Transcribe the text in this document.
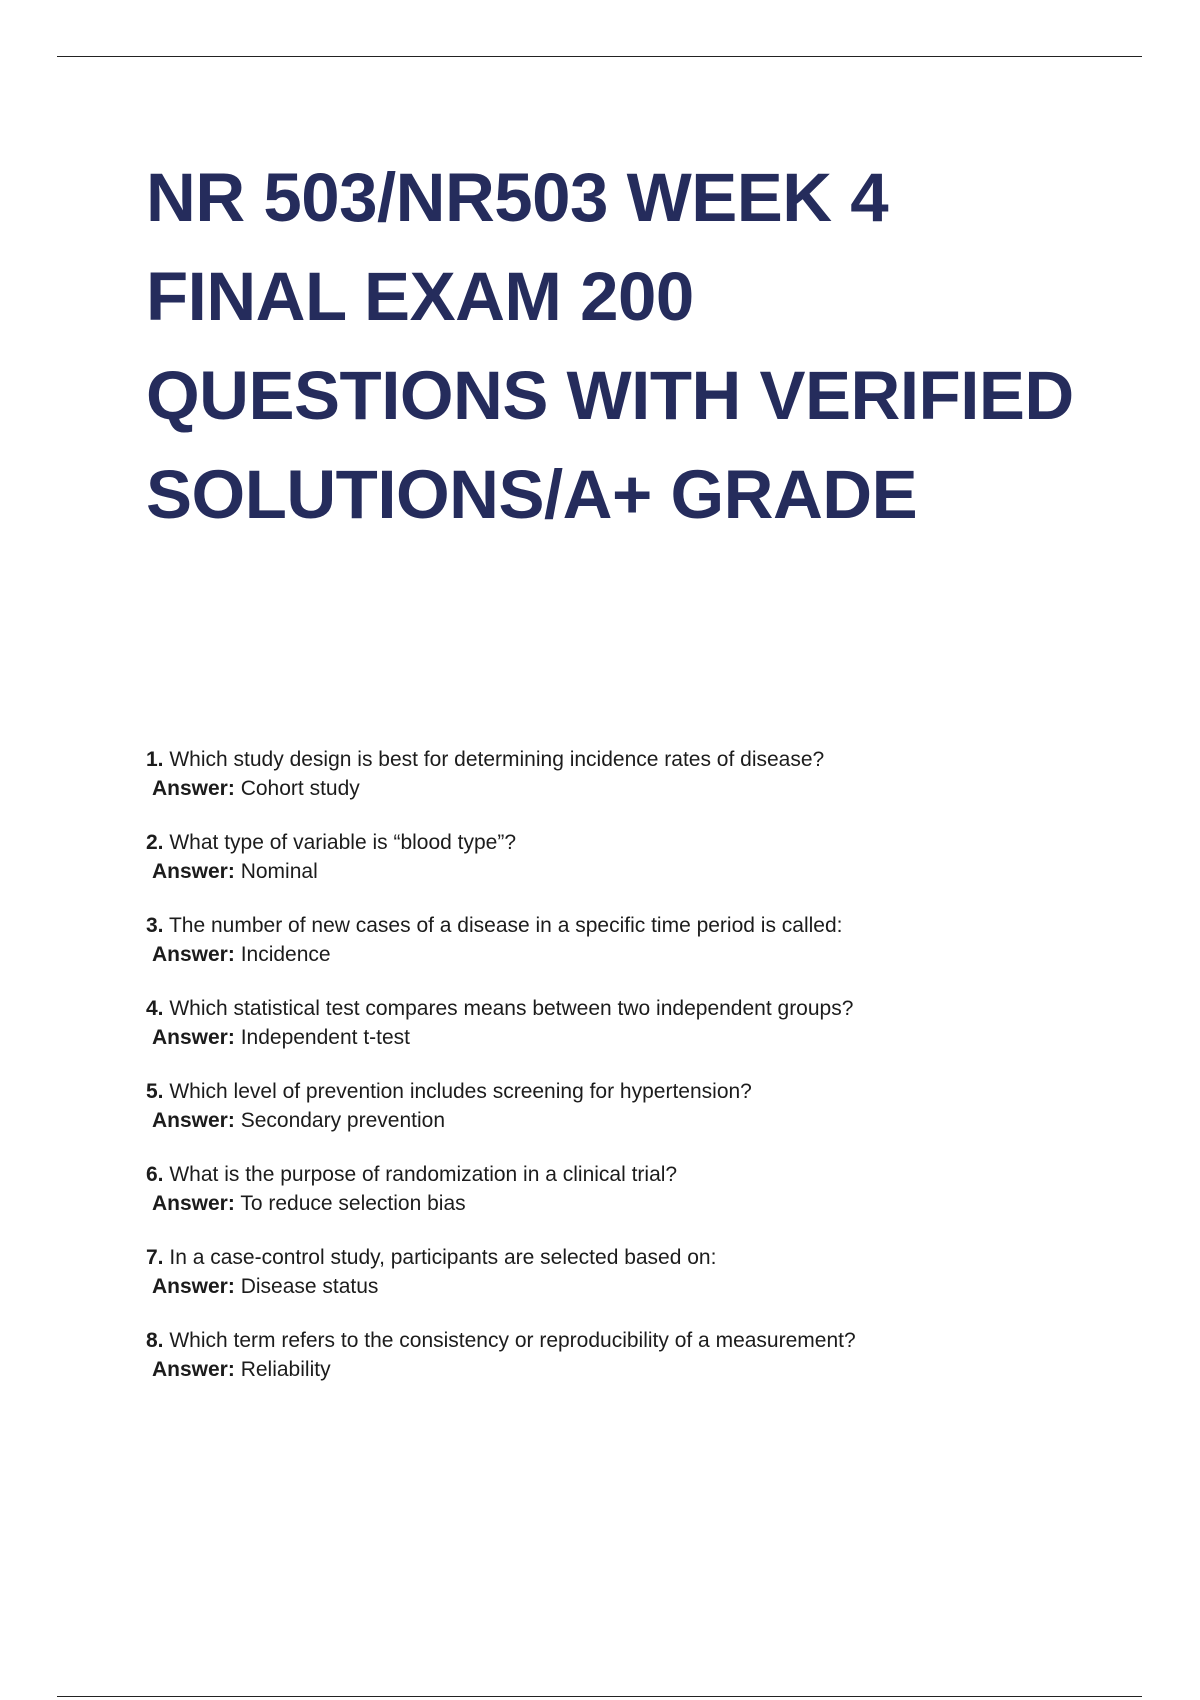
NR 503/NR503 WEEK 4
FINAL EXAM 200
QUESTIONS WITH VERIFIED
SOLUTIONS/A+ GRADE
1. Which study design is best for determining incidence rates of disease?
Answer: Cohort study
2. What type of variable is “blood type”?
Answer: Nominal
3. The number of new cases of a disease in a specific time period is called:
Answer: Incidence
4. Which statistical test compares means between two independent groups?
Answer: Independent t-test
5. Which level of prevention includes screening for hypertension?
Answer: Secondary prevention
6. What is the purpose of randomization in a clinical trial?
Answer: To reduce selection bias
7. In a case-control study, participants are selected based on:
Answer: Disease status
8. Which term refers to the consistency or reproducibility of a measurement?
Answer: Reliability
